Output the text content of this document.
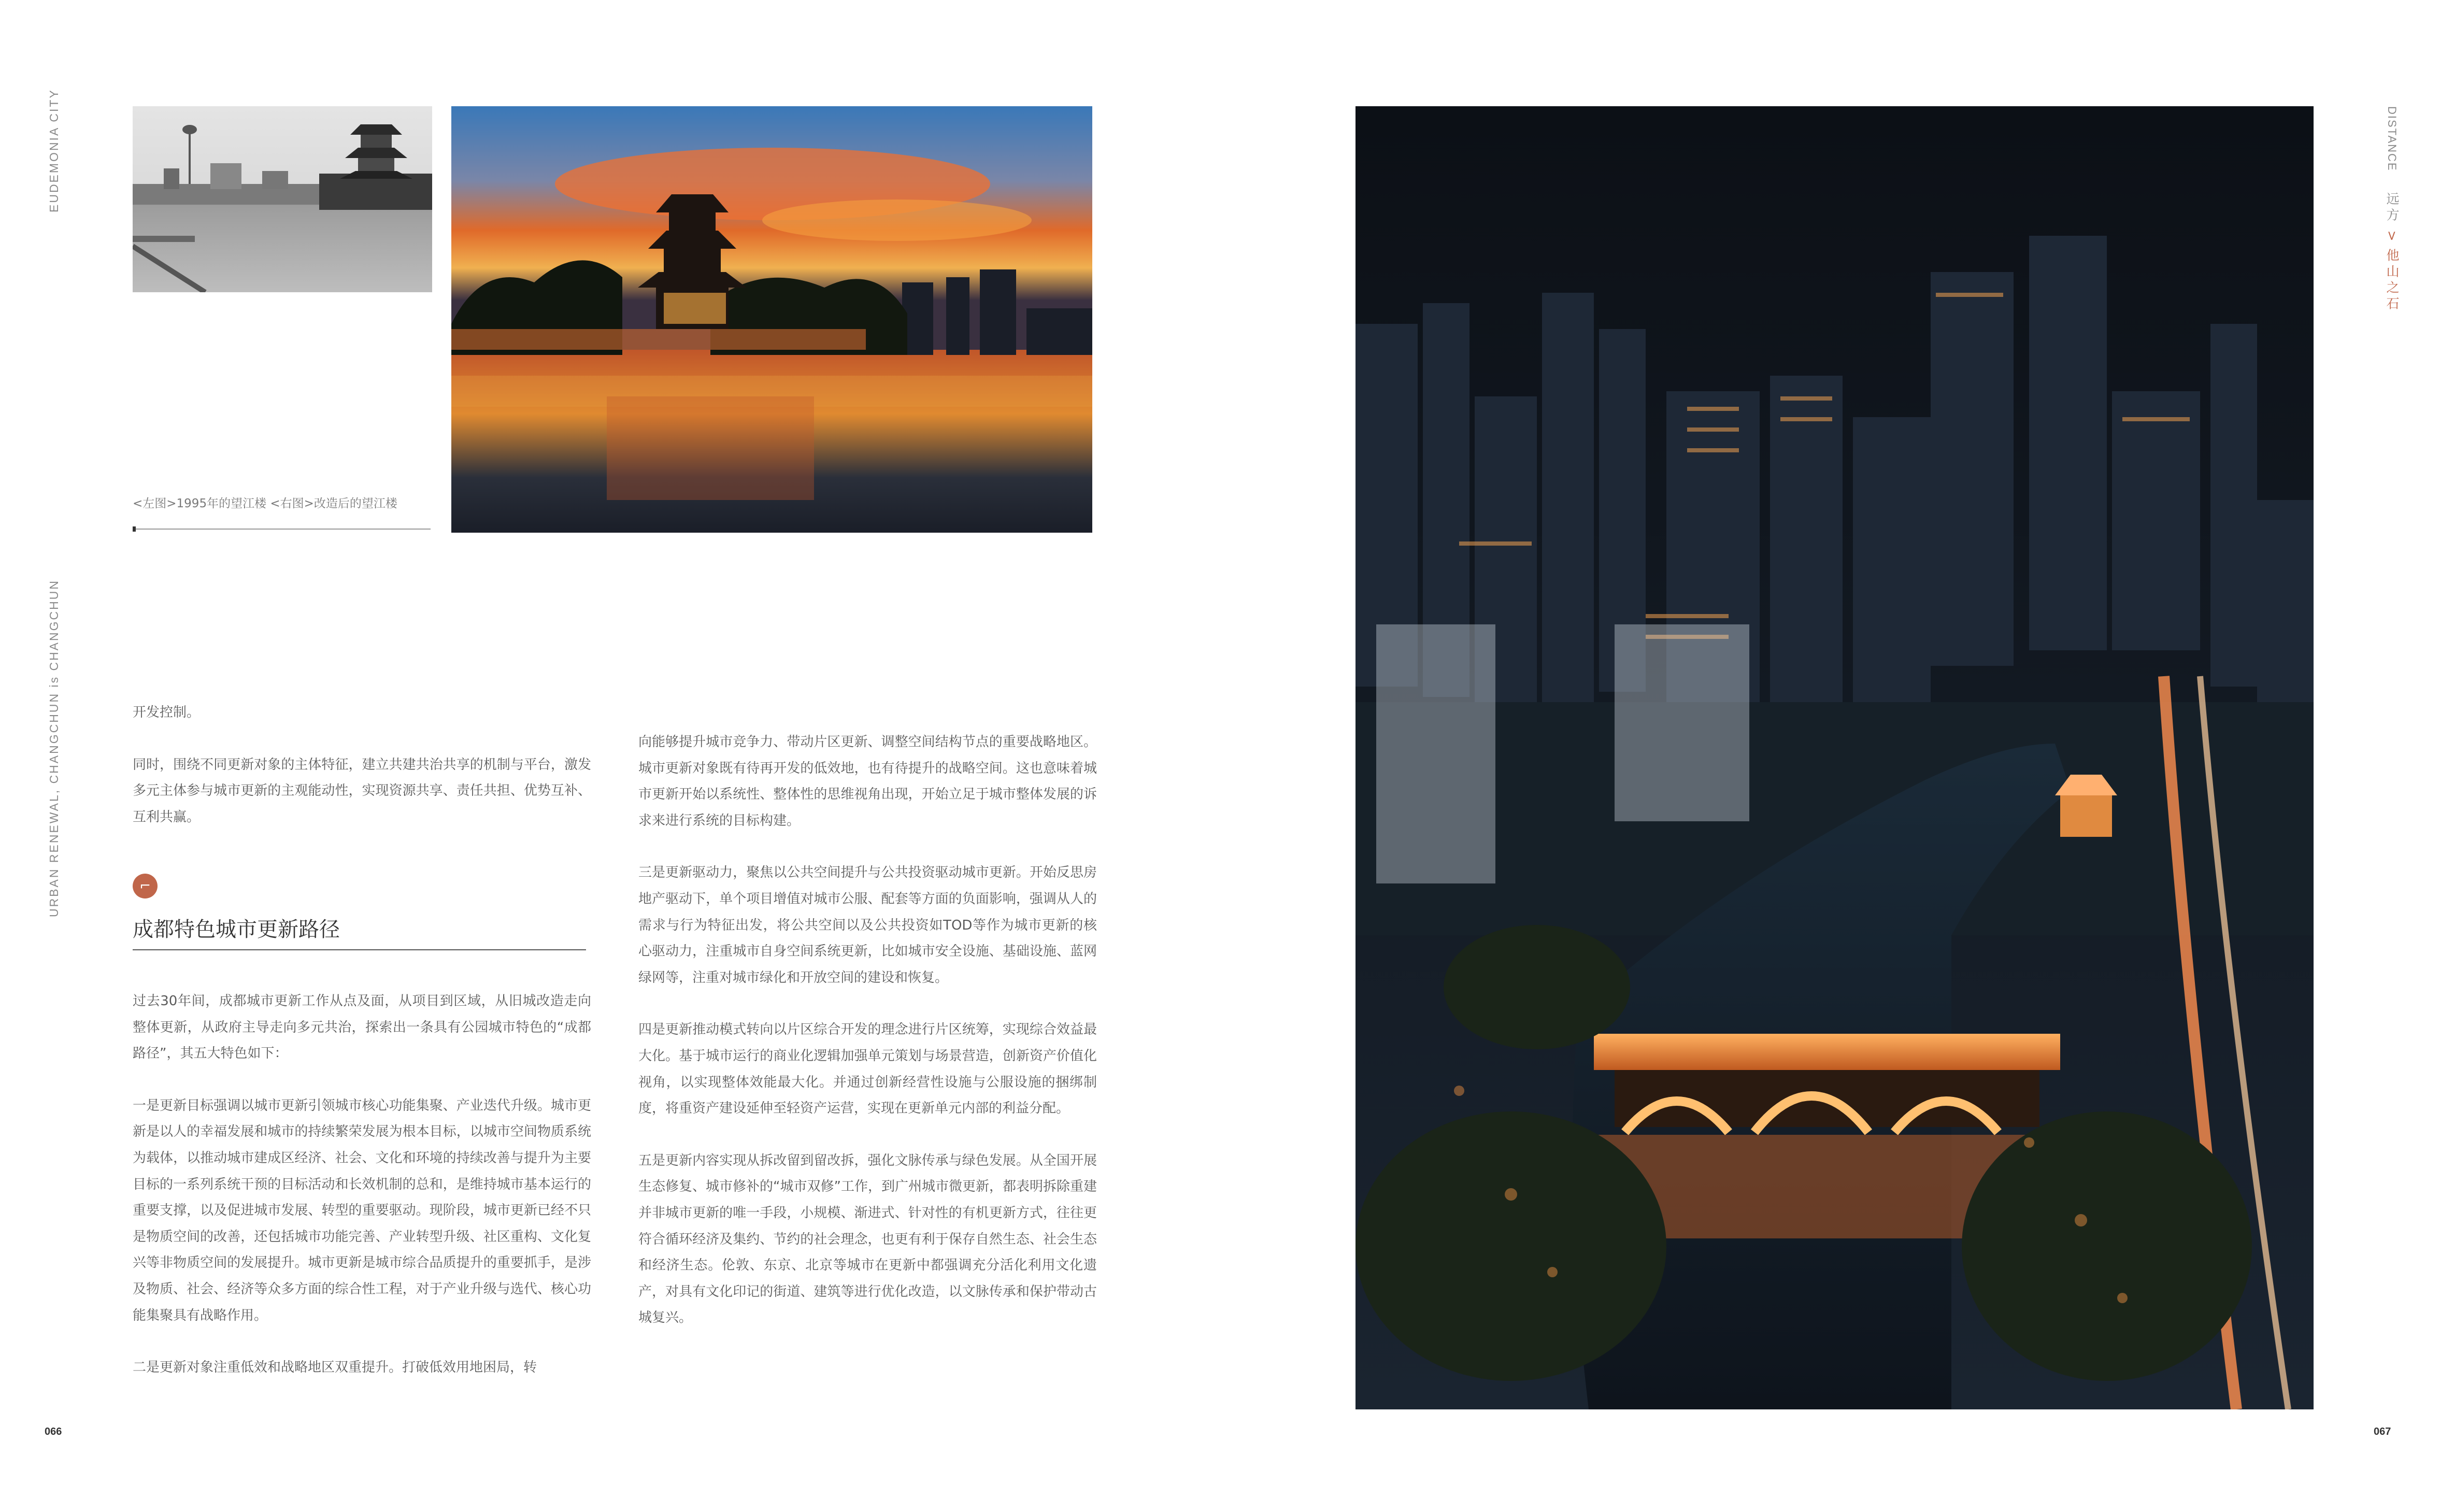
EUDEMONIA CITY
URBAN RENEWAL, CHANGCHUN is CHANGCHUN
DISTANCE远方>他山之石
<左图>1995年的望江楼 <右图>改造后的望江楼

开发控制。

同时，围绕不同更新对象的主体特征，建立共建共治共享的机制与平台，激发多元主体参与城市更新的主观能动性，实现资源共享、责任共担、优势互补、互利共赢。

⌐
成都特色城市更新路径

过去30年间，成都城市更新工作从点及面，从项目到区域，从旧城改造走向整体更新，从政府主导走向多元共治，探索出一条具有公园城市特色的“成都路径”，其五大特色如下：

一是更新目标强调以城市更新引领城市核心功能集聚、产业迭代升级。城市更新是以人的幸福发展和城市的持续繁荣发展为根本目标，以城市空间物质系统为载体，以推动城市建成区经济、社会、文化和环境的持续改善与提升为主要目标的一系列系统干预的目标活动和长效机制的总和，是维持城市基本运行的重要支撑，以及促进城市发展、转型的重要驱动。现阶段，城市更新已经不只是物质空间的改善，还包括城市功能完善、产业转型升级、社区重构、文化复兴等非物质空间的发展提升。城市更新是城市综合品质提升的重要抓手，是涉及物质、社会、经济等众多方面的综合性工程，对于产业升级与选代、核心功能集聚具有战略作用。

二是更新对象注重低效和战略地区双重提升。打破低效用地困局，转

向能够提升城市竞争力、带动片区更新、调整空间结构节点的重要战略地区。城市更新对象既有待再开发的低效地，也有待提升的战略空间。这也意味着城市更新开始以系统性、整体性的思维视角出现，开始立足于城市整体发展的诉求来进行系统的目标构建。

三是更新驱动力，聚焦以公共空间提升与公共投资驱动城市更新。开始反思房地产驱动下，单个项目增值对城市公服、配套等方面的负面影响，强调从人的需求与行为特征出发，将公共空间以及公共投资如TOD等作为城市更新的核心驱动力，注重城市自身空间系统更新，比如城市安全设施、基础设施、蓝网绿网等，注重对城市绿化和开放空间的建设和恢复。

四是更新推动模式转向以片区综合开发的理念进行片区统筹，实现综合效益最大化。基于城市运行的商业化逻辑加强单元策划与场景营造，创新资产价值化视角，以实现整体效能最大化。并通过创新经营性设施与公服设施的捆绑制度，将重资产建设延伸至轻资产运营，实现在更新单元内部的利益分配。

五是更新内容实现从拆改留到留改拆，强化文脉传承与绿色发展。从全国开展生态修复、城市修补的“城市双修”工作，到广州城市微更新，都表明拆除重建并非城市更新的唯一手段，小规模、渐进式、针对性的有机更新方式，往往更符合循环经济及集约、节约的社会理念，也更有利于保存自然生态、社会生态和经济生态。伦敦、东京、北京等城市在更新中都强调充分活化利用文化遗产，对具有文化印记的街道、建筑等进行优化改造，以文脉传承和保护带动古城复兴。

066	067
